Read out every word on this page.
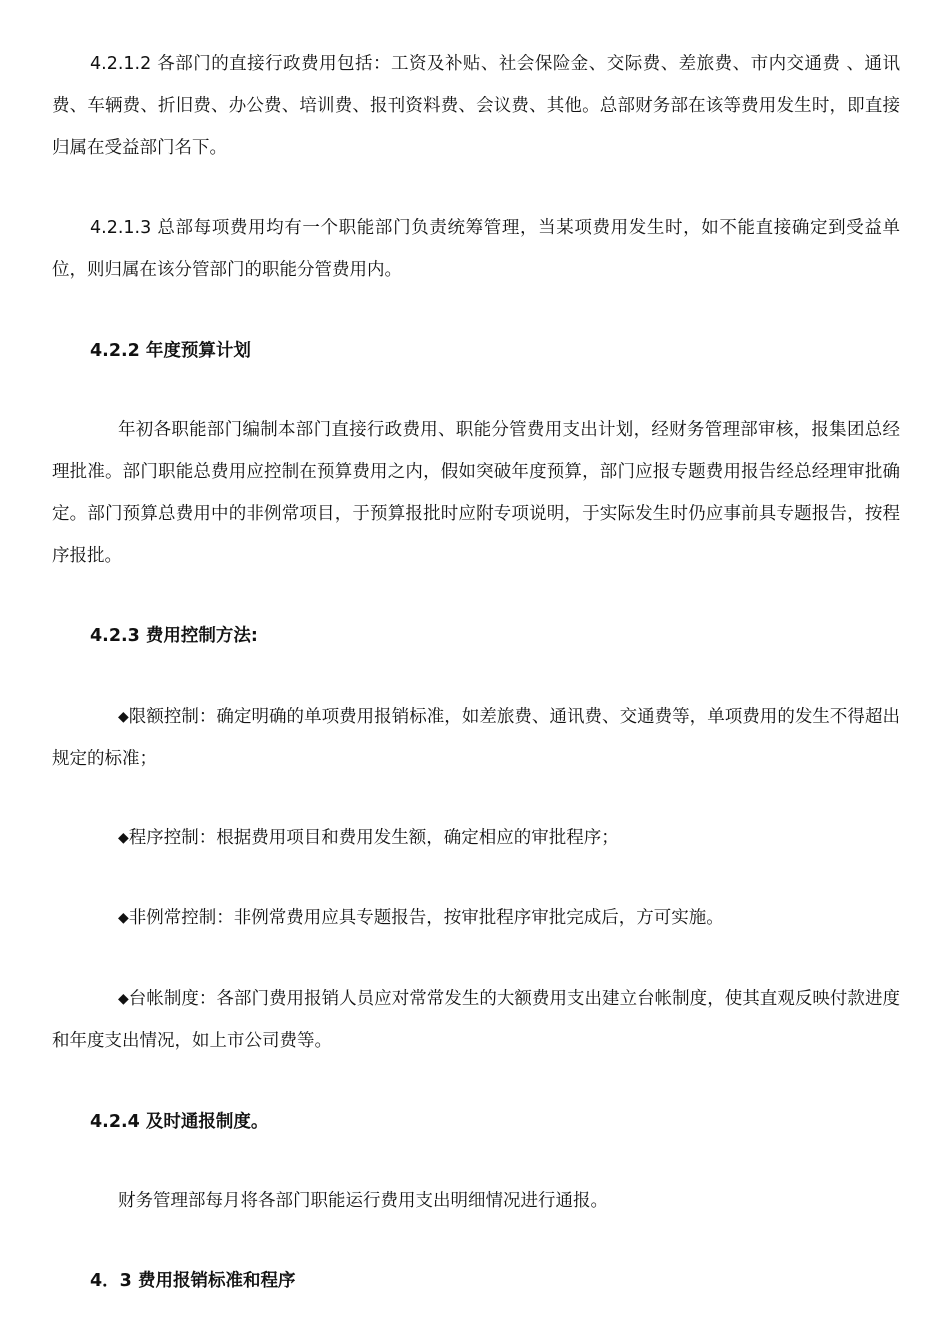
4.2.1.2 各部门的直接行政费用包括：工资及补贴、社会保险金、交际费、差旅费、市内交通费 、通讯费、车辆费、折旧费、办公费、培训费、报刊资料费、会议费、其他。总部财务部在该等费用发生时，即直接归属在受益部门名下。

4.2.1.3 总部每项费用均有一个职能部门负责统筹管理，当某项费用发生时，如不能直接确定到受益单位，则归属在该分管部门的职能分管费用内。

4.2.2 年度预算计划

年初各职能部门编制本部门直接行政费用、职能分管费用支出计划，经财务管理部审核，报集团总经理批准。部门职能总费用应控制在预算费用之内，假如突破年度预算，部门应报专题费用报告经总经理审批确定。部门预算总费用中的非例常项目，于预算报批时应附专项说明，于实际发生时仍应事前具专题报告，按程序报批。

4.2.3 费用控制方法:

◆限额控制：确定明确的单项费用报销标准，如差旅费、通讯费、交通费等，单项费用的发生不得超出规定的标准；

◆程序控制：根据费用项目和费用发生额，确定相应的审批程序；

◆非例常控制：非例常费用应具专题报告，按审批程序审批完成后，方可实施。

◆台帐制度：各部门费用报销人员应对常常发生的大额费用支出建立台帐制度，使其直观反映付款进度和年度支出情况，如上市公司费等。

4.2.4 及时通报制度。

财务管理部每月将各部门职能运行费用支出明细情况进行通报。

4．3 费用报销标准和程序
